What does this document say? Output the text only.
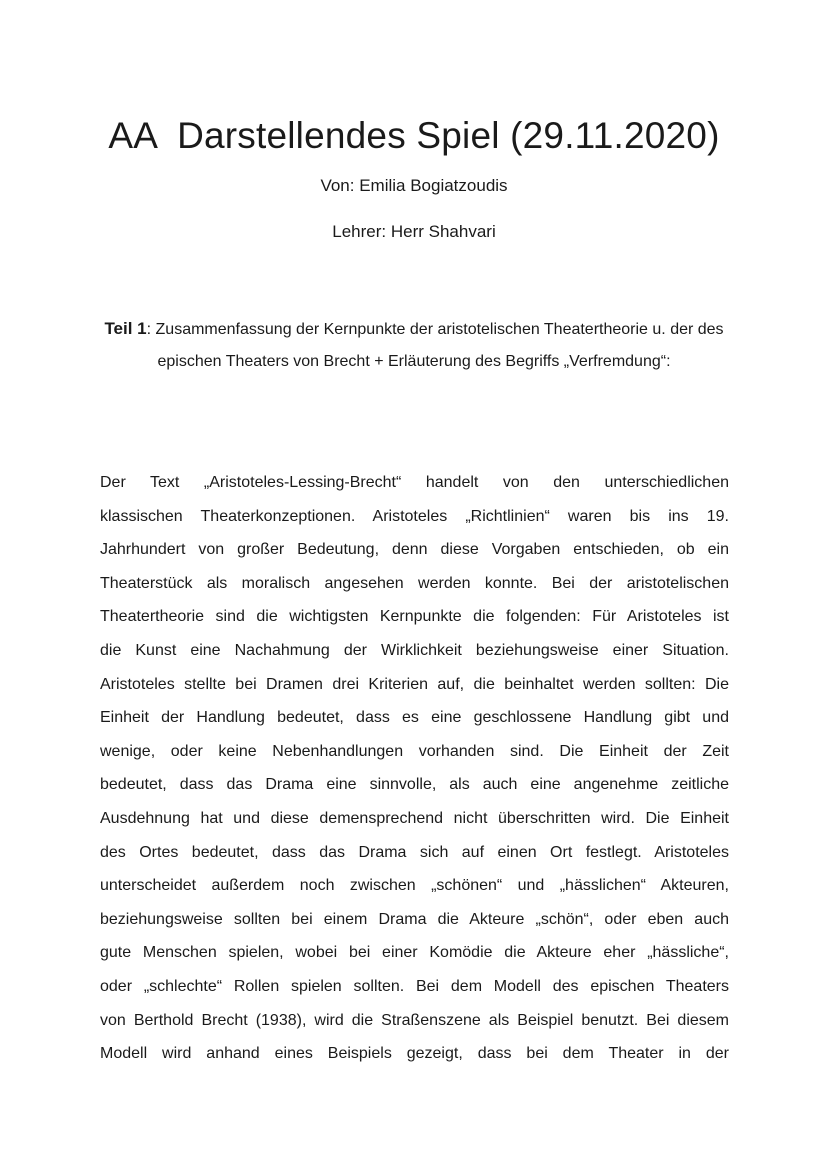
AA  Darstellendes Spiel (29.11.2020)
Von: Emilia Bogiatzoudis
Lehrer: Herr Shahvari
Teil 1: Zusammenfassung der Kernpunkte der aristotelischen Theatertheorie u. der des epischen Theaters von Brecht + Erläuterung des Begriffs „Verfremdung“:
Der Text „Aristoteles-Lessing-Brecht“ handelt von den unterschiedlichen
klassischen Theaterkonzeptionen. Aristoteles „Richtlinien“ waren bis ins 19.
Jahrhundert von großer Bedeutung, denn diese Vorgaben entschieden, ob ein
Theaterstück als moralisch angesehen werden konnte. Bei der aristotelischen
Theatertheorie sind die wichtigsten Kernpunkte die folgenden: Für Aristoteles ist
die Kunst eine Nachahmung der Wirklichkeit beziehungsweise einer Situation.
Aristoteles stellte bei Dramen drei Kriterien auf, die beinhaltet werden sollten: Die
Einheit der Handlung bedeutet, dass es eine geschlossene Handlung gibt und
wenige, oder keine Nebenhandlungen vorhanden sind. Die Einheit der Zeit
bedeutet, dass das Drama eine sinnvolle, als auch eine angenehme zeitliche
Ausdehnung hat und diese demensprechend nicht überschritten wird. Die Einheit
des Ortes bedeutet, dass das Drama sich auf einen Ort festlegt. Aristoteles
unterscheidet außerdem noch zwischen „schönen“ und „hässlichen“ Akteuren,
beziehungsweise sollten bei einem Drama die Akteure „schön“, oder eben auch
gute Menschen spielen, wobei bei einer Komödie die Akteure eher „hässliche“,
oder „schlechte“ Rollen spielen sollten. Bei dem Modell des epischen Theaters
von Berthold Brecht (1938), wird die Straßenszene als Beispiel benutzt. Bei diesem
Modell wird anhand eines Beispiels gezeigt, dass bei dem Theater in der
